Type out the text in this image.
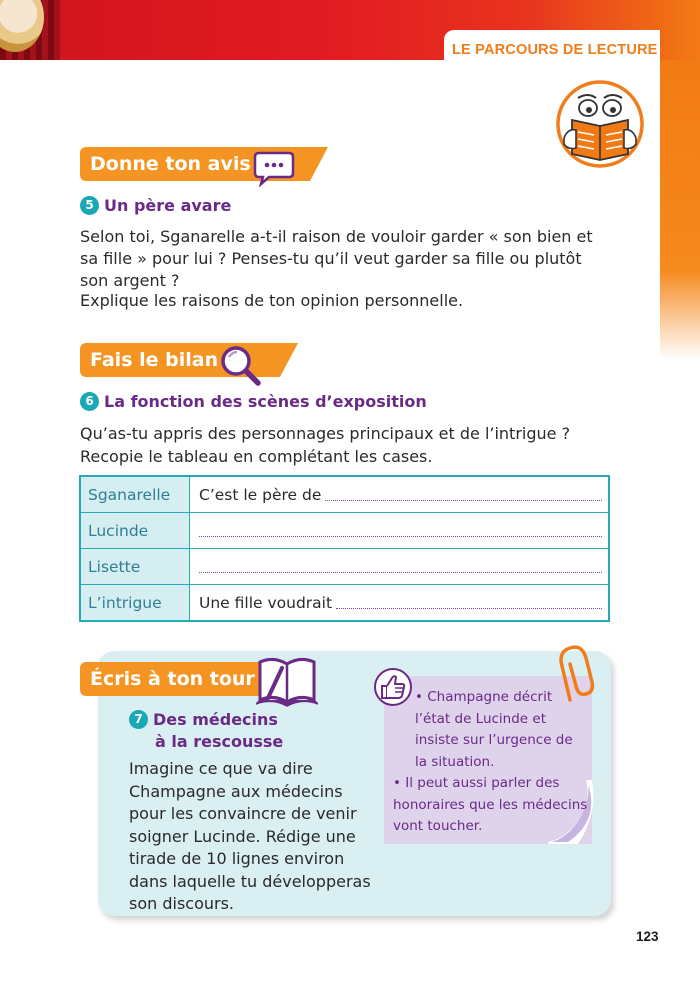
LE PARCOURS DE LECTURE
Donne ton avis
5 Un père avare
Selon toi, Sganarelle a-t-il raison de vouloir garder « son bien et sa fille » pour lui ? Penses-tu qu’il veut garder sa fille ou plutôt son argent ?
Explique les raisons de ton opinion personnelle.
Fais le bilan
6 La fonction des scènes d’exposition
Qu’as-tu appris des personnages principaux et de l’intrigue ?
Recopie le tableau en complétant les cases.
Sganarelle	C’est le père de
Lucinde
Lisette
L’intrigue	Une fille voudrait
Écris à ton tour
7 Des médecins
à la rescousse
Imagine ce que va dire Champagne aux médecins pour les convaincre de venir soigner Lucinde. Rédige une tirade de 10 lignes environ dans laquelle tu développeras son discours.
• Champagne décrit l’état de Lucinde et insiste sur l’urgence de la situation.
• Il peut aussi parler des honoraires que les médecins vont toucher.
123
